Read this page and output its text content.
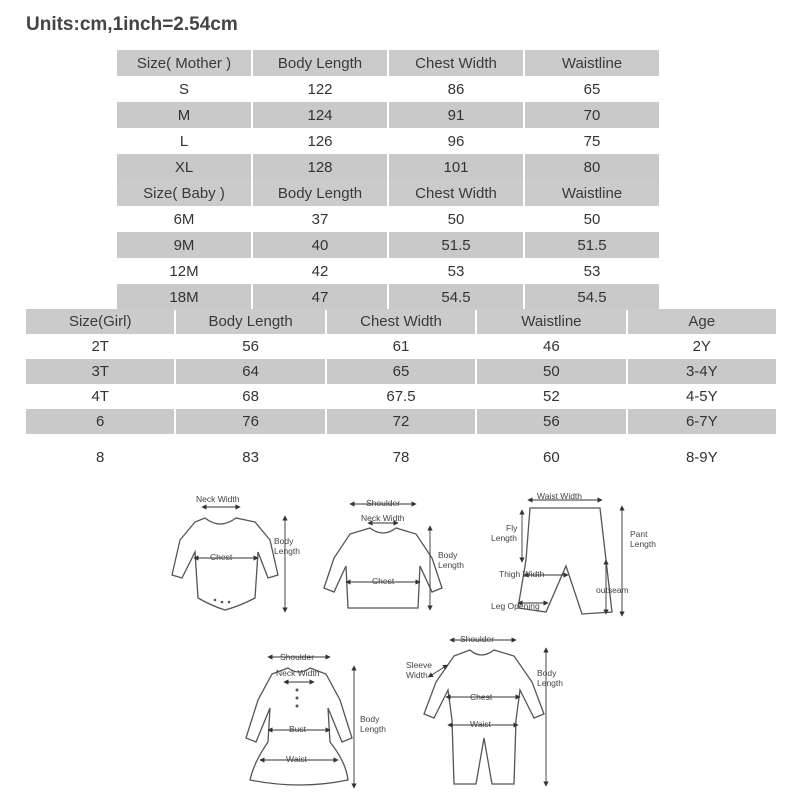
Units:cm,1inch=2.54cm
Size( Mother )	Body Length	Chest Width	Waistline
S	122	86	65
M	124	91	70
L	126	96	75
XL	128	101	80
Size( Baby )	Body Length	Chest Width	Waistline
6M	37	50	50
9M	40	51.5	51.5
12M	42	53	53
18M	47	54.5	54.5
Size(Girl)	Body Length	Chest Width	Waistline	Age
2T	56	61	46	2Y
3T	64	65	50	3-4Y
4T	68	67.5	52	4-5Y
6	76	72	56	6-7Y
8	83	78	60	8-9Y
Neck Width
Chest
Body
Length
Shoulder
Neck Width
Chest
Body
Length
Waist Width
Fly
Length	Pant
Length
Thigh Width
outseam
Leg Opening
Shoulder
Neck Width
Bust
Waist
Body
Length
Shoulder
Sleeve
Width
Chest
Waist
Body
Length
